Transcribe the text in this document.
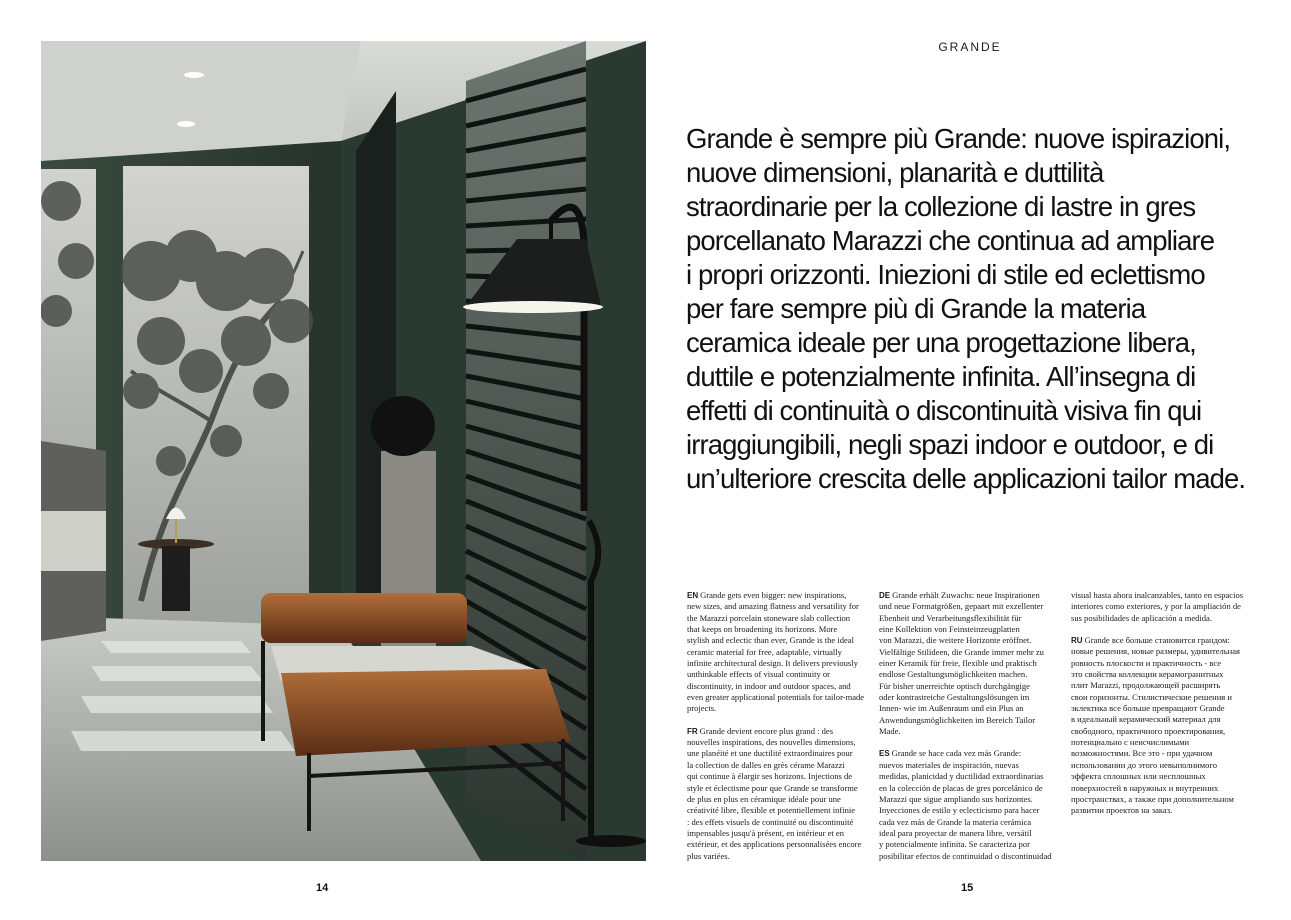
GRANDE
Grande è sempre più Grande: nuove ispirazioni,
nuove dimensioni, planarità e duttilità
straordinarie per la collezione di lastre in gres
porcellanato Marazzi che continua ad ampliare
i propri orizzonti. Iniezioni di stile ed eclettismo
per fare sempre più di Grande la materia
ceramica ideale per una progettazione libera,
duttile e potenzialmente infinita. All’insegna di
effetti di continuità o discontinuità visiva fin qui
irraggiungibili, negli spazi indoor e outdoor, e di
un’ulteriore crescita delle applicazioni tailor made.

EN Grande gets even bigger: new inspirations,
new sizes, and amazing flatness and versatility for
the Marazzi porcelain stoneware slab collection
that keeps on broadening its horizons. More
stylish and eclectic than ever, Grande is the ideal
ceramic material for free, adaptable, virtually
infinite architectural design. It delivers previously
unthinkable effects of visual continuity or
discontinuity, in indoor and outdoor spaces, and
even greater applicational potentials for tailor-made
projects.

FR Grande devient encore plus grand : des
nouvelles inspirations, des nouvelles dimensions,
une planéité et une ductilité extraordinaires pour
la collection de dalles en grès cérame Marazzi
qui continue à élargir ses horizons. Injections de
style et éclectisme pour que Grande se transforme
de plus en plus en céramique idéale pour une
créativité libre, flexible et potentiellement infinie
: des effets visuels de continuité ou discontinuité
impensables jusqu'à présent, en intérieur et en
extérieur, et des applications personnalisées encore
plus variées.

DE Grande erhält Zuwachs: neue Inspirationen
und neue Formatgrößen, gepaart mit exzellenter
Ebenheit und Verarbeitungsflexibilität für
eine Kollektion von Feinsteinzeugplatten
von Marazzi, die weitere Horizonte eröffnet.
Vielfältige Stilideen, die Grande immer mehr zu
einer Keramik für freie, flexible und praktisch
endlose Gestaltungsmöglichkeiten machen.
Für bisher unerreichte optisch durchgängige
oder kontrastreiche Gestaltungslösungen im
Innen- wie im Außenraum und ein Plus an
Anwendungsmöglichkeiten im Bereich Tailor
Made.

ES Grande se hace cada vez más Grande:
nuevos materiales de inspiración, nuevas
medidas, planicidad y ductilidad extraordinarias
en la colección de placas de gres porcelánico de
Marazzi que sigue ampliando sus horizontes.
Inyecciones de estilo y eclecticismo para hacer
cada vez más de Grande la materia cerámica
ideal para proyectar de manera libre, versátil
y potencialmente infinita. Se caracteriza por
posibilitar efectos de continuidad o discontinuidad

visual hasta ahora inalcanzables, tanto en espacios
interiores como exteriores, y por la ampliación de
sus posibilidades de aplicación a medida.

RU Grande все больше становится грандом:
новые решения, новые размеры, удивительная
ровность плоскости и практичность - все
это свойства коллекции керамогранитных
плит Marazzi, продолжающей расширять
свои горизонты. Стилистические решения и
эклектика все больше превращают Grande
в идеальный керамический материал для
свободного, практичного проектирования,
потенциально с неисчислимыми
возможностями. Все это - при удачном
использовании до этого невыполнимого
эффекта сплошных или несплошных
поверхностей в наружных и внутренних
пространствах, а также при дополнительном
развитии проектов на заказ.

14	15
